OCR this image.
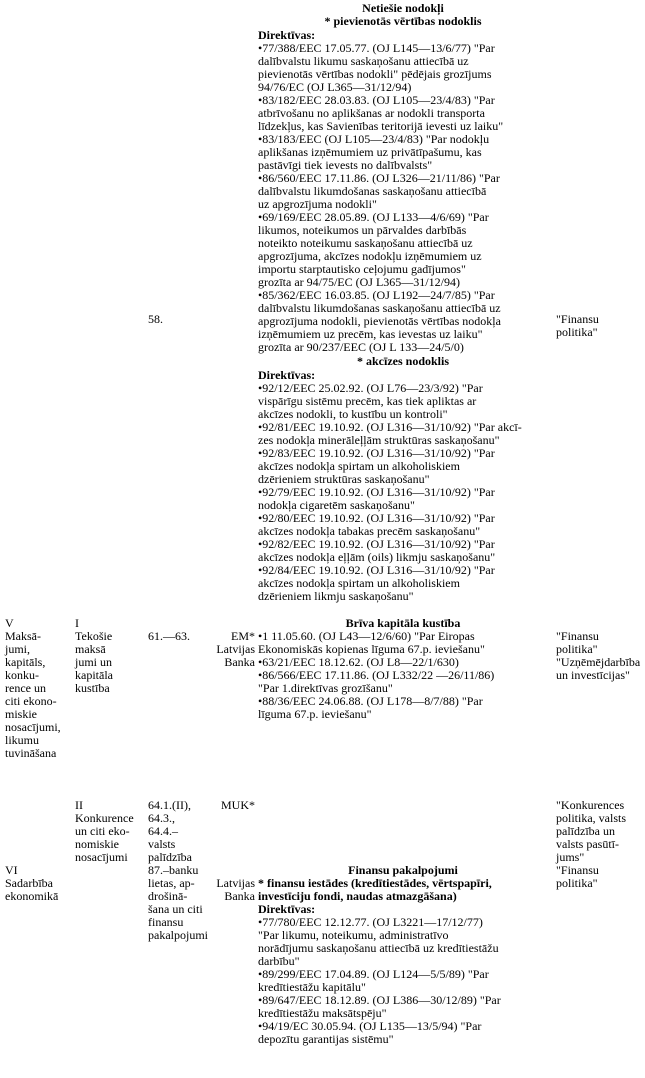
Netiešie nodokļi
* pievienotās vērtības nodoklis
Direktīvas:
•77/388/EEC 17.05.77. (OJ L145—13/6/77) "Par
dalībvalstu likumu saskaņošanu attiecībā uz
pievienotās vērtības nodokli" pēdējais grozījums
94/76/EC (OJ L365—31/12/94)
•83/182/EEC 28.03.83. (OJ L105—23/4/83) "Par
atbrīvošanu no aplikšanas ar nodokli transporta
līdzekļus, kas Savienības teritorijā ievesti uz laiku"
•83/183/EEC (OJ L105—23/4/83) "Par nodokļu
aplikšanas izņēmumiem uz privātīpašumu, kas
pastāvīgi tiek ievests no dalībvalsts"
•86/560/EEC 17.11.86. (OJ L326—21/11/86) "Par
dalībvalstu likumdošanas saskaņošanu attiecībā
uz apgrozījuma nodokli"
•69/169/EEC 28.05.89. (OJ L133—4/6/69) "Par
likumos, noteikumos un pārvaldes darbībās
noteikto noteikumu saskaņošanu attiecībā uz
apgrozījuma, akcīzes nodokļu izņēmumiem uz
importu starptautisko ceļojumu gadījumos"
grozīta ar 94/75/EC (OJ L365—31/12/94)
•85/362/EEC 16.03.85. (OJ L192—24/7/85) "Par
dalībvalstu likumdošanas saskaņošanu attiecībā uz
apgrozījuma nodokli, pievienotās vērtības nodokļa
izņēmumiem uz precēm, kas ievestas uz laiku"
grozīta ar 90/237/EEC (OJ L 133—24/5/0)
58.	"Finansu
politika"
* akcīzes nodoklis
Direktīvas:
•92/12/EEC 25.02.92. (OJ L76—23/3/92) "Par
vispārīgu sistēmu precēm, kas tiek apliktas ar
akcīzes nodokli, to kustību un kontroli"
•92/81/EEC 19.10.92. (OJ L316—31/10/92) "Par akcī-
zes nodokļa minerāleļļām struktūras saskaņošanu"
•92/83/EEC 19.10.92. (OJ L316—31/10/92) "Par
akcīzes nodokļa spirtam un alkoholiskiem
dzērieniem struktūras saskaņošanu"
•92/79/EEC 19.10.92. (OJ L316—31/10/92) "Par
nodokļa cigaretēm saskaņošanu"
•92/80/EEC 19.10.92. (OJ L316—31/10/92) "Par
akcīzes nodokļa tabakas precēm saskaņošanu"
•92/82/EEC 19.10.92. (OJ L316—31/10/92) "Par
akcīzes nodokļa eļļām (oils) likmju saskaņošanu"
•92/84/EEC 19.10.92. (OJ L316—31/10/92) "Par
akcīzes nodokļa spirtam un alkoholiskiem
dzērieniem likmju saskaņošanu"
V
Maksā-
jumi,
kapitāls,
konku-
rence un
citi ekono-
miskie
nosacījumi,
likumu
tuvināšana
I
Tekošie
maksā
jumi un
kapitāla
kustība
61.—63.	EM*
Latvijas
Banka
Brīva kapitāla kustība
•1 11.05.60. (OJ L43—12/6/60) "Par Eiropas
Ekonomiskās kopienas līguma 67.p. ieviešanu"
•63/21/EEC 18.12.62. (OJ L8—22/1/630)
•86/566/EEC 17.11.86. (OJ L332/22 —26/11/86)
"Par 1.direktīvas grozīšanu"
•88/36/EEC 24.06.88. (OJ L178—8/7/88) "Par
līguma 67.p. ieviešanu"
"Finansu
politika"
"Uzņēmējdarbība
un investīcijas"
II
Konkurence
un citi eko-
nomiskie
nosacījumi
64.1.(II),
64.3.,
64.4.–
valsts
palīdzība
87.–banku
lietas, ap-
drošinā-
šana un citi
finansu
pakalpojumi
MUK*

Latvijas
Banka
"Konkurences
politika, valsts
palīdzība un
valsts pasūtī-
jums"
"Finansu
politika"
VI
Sadarbība
ekonomikā
Finansu pakalpojumi
* finansu iestādes (kredītiestādes, vērtspapīri,
investīciju fondi, naudas atmazgāšana)
Direktīvas:
•77/780/EEC 12.12.77. (OJ L3221—17/12/77)
"Par likumu, noteikumu, administratīvo
norādījumu saskaņošanu attiecībā uz kredītiestāžu
darbību"
•89/299/EEC 17.04.89. (OJ L124—5/5/89) "Par
kredītiestāžu kapitālu"
•89/647/EEC 18.12.89. (OJ L386—30/12/89) "Par
kredītiestāžu maksātspēju"
•94/19/EC 30.05.94. (OJ L135—13/5/94) "Par
depozītu garantijas sistēmu"
